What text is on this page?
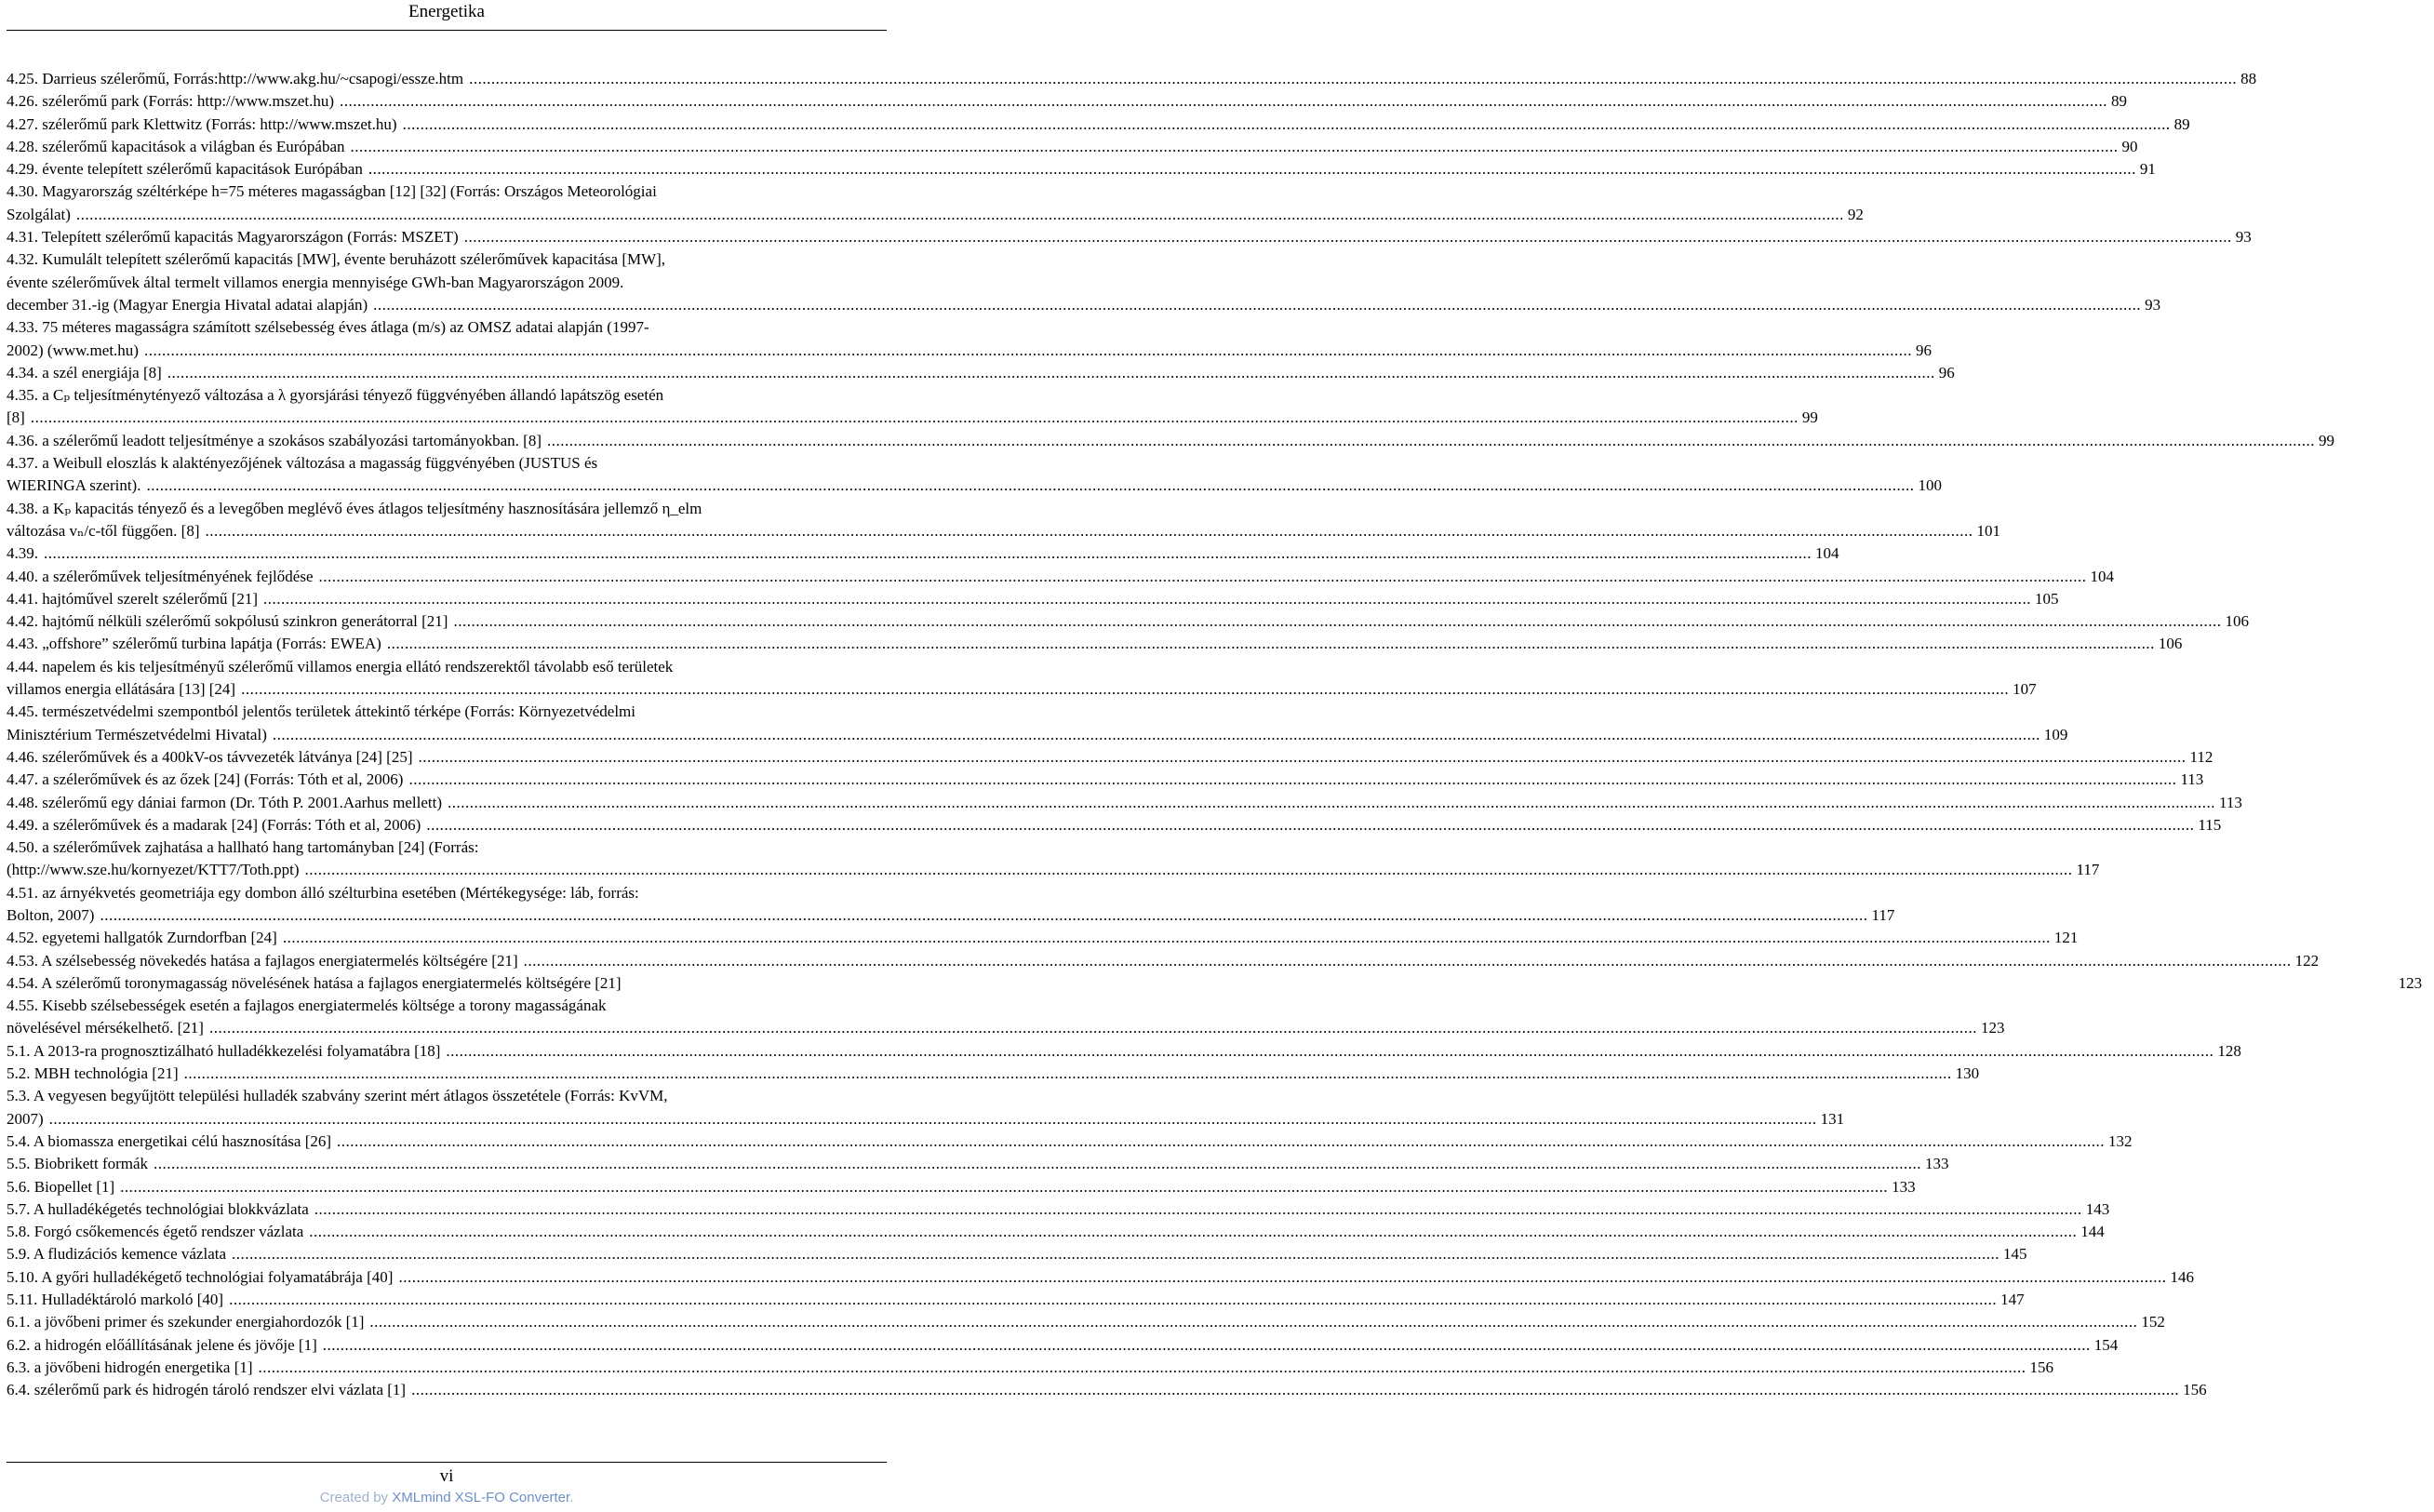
Energetika
4.25. Darrieus szélerőmű, Forrás:http://www.akg.hu/~csapogi/essze.htm ................................................................................................................................................................................................................................................................................................................................................................................................................ 88
4.26. szélerőmű park (Forrás: http://www.mszet.hu) ................................................................................................................................................................................................................................................................................................................................................................................................................ 89
4.27. szélerőmű park Klettwitz (Forrás: http://www.mszet.hu) ................................................................................................................................................................................................................................................................................................................................................................................................................ 89
4.28. szélerőmű kapacitások a világban és Európában ................................................................................................................................................................................................................................................................................................................................................................................................................ 90
4.29. évente telepített szélerőmű kapacitások Európában ................................................................................................................................................................................................................................................................................................................................................................................................................ 91
4.30. Magyarország széltérképe h=75 méteres magasságban [12] [32] (Forrás: Országos Meteorológiai
Szolgálat) ................................................................................................................................................................................................................................................................................................................................................................................................................ 92
4.31. Telepített szélerőmű kapacitás Magyarországon (Forrás: MSZET) ................................................................................................................................................................................................................................................................................................................................................................................................................ 93
4.32. Kumulált telepített szélerőmű kapacitás [MW], évente beruházott szélerőművek kapacitása [MW],
évente szélerőművek által termelt villamos energia mennyisége GWh-ban Magyarországon 2009.
december 31.-ig (Magyar Energia Hivatal adatai alapján) ................................................................................................................................................................................................................................................................................................................................................................................................................ 93
4.33. 75 méteres magasságra számított szélsebesség éves átlaga (m/s) az OMSZ adatai alapján (1997-
2002) (www.met.hu) ................................................................................................................................................................................................................................................................................................................................................................................................................ 96
4.34. a szél energiája [8] ................................................................................................................................................................................................................................................................................................................................................................................................................ 96
4.35. a Cₚ teljesítménytényező változása a λ gyorsjárási tényező függvényében állandó lapátszög esetén
[8] ................................................................................................................................................................................................................................................................................................................................................................................................................ 99
4.36. a szélerőmű leadott teljesítménye a szokásos szabályozási tartományokban. [8] ................................................................................................................................................................................................................................................................................................................................................................................................................ 99
4.37. a Weibull eloszlás k alaktényezőjének változása a magasság függvényében (JUSTUS és
WIERINGA szerint). ................................................................................................................................................................................................................................................................................................................................................................................................................ 100
4.38. a Kₚ kapacitás tényező és a levegőben meglévő éves átlagos teljesítmény hasznosítására jellemző η_elm
változása vₙ/c-től függően. [8] ................................................................................................................................................................................................................................................................................................................................................................................................................ 101
4.39. ................................................................................................................................................................................................................................................................................................................................................................................................................ 104
4.40. a szélerőművek teljesítményének fejlődése ................................................................................................................................................................................................................................................................................................................................................................................................................ 104
4.41. hajtóművel szerelt szélerőmű [21] ................................................................................................................................................................................................................................................................................................................................................................................................................ 105
4.42. hajtómű nélküli szélerőmű sokpólusú szinkron generátorral [21] ................................................................................................................................................................................................................................................................................................................................................................................................................ 106
4.43. „offshore” szélerőmű turbina lapátja (Forrás: EWEA) ................................................................................................................................................................................................................................................................................................................................................................................................................ 106
4.44. napelem és kis teljesítményű szélerőmű villamos energia ellátó rendszerektől távolabb eső területek
villamos energia ellátására [13] [24] ................................................................................................................................................................................................................................................................................................................................................................................................................ 107
4.45. természetvédelmi szempontból jelentős területek áttekintő térképe (Forrás: Környezetvédelmi
Minisztérium Természetvédelmi Hivatal) ................................................................................................................................................................................................................................................................................................................................................................................................................ 109
4.46. szélerőművek és a 400kV-os távvezeték látványa [24] [25] ................................................................................................................................................................................................................................................................................................................................................................................................................ 112
4.47. a szélerőművek és az őzek [24] (Forrás: Tóth et al, 2006) ................................................................................................................................................................................................................................................................................................................................................................................................................ 113
4.48. szélerőmű egy dániai farmon (Dr. Tóth P. 2001.Aarhus mellett) ................................................................................................................................................................................................................................................................................................................................................................................................................ 113
4.49. a szélerőművek és a madarak [24] (Forrás: Tóth et al, 2006) ................................................................................................................................................................................................................................................................................................................................................................................................................ 115
4.50. a szélerőművek zajhatása a hallható hang tartományban [24] (Forrás:
(http://www.sze.hu/kornyezet/KTT7/Toth.ppt) ................................................................................................................................................................................................................................................................................................................................................................................................................ 117
4.51. az árnyékvetés geometriája egy dombon álló szélturbina esetében (Mértékegysége: láb, forrás:
Bolton, 2007) ................................................................................................................................................................................................................................................................................................................................................................................................................ 117
4.52. egyetemi hallgatók Zurndorfban [24] ................................................................................................................................................................................................................................................................................................................................................................................................................ 121
4.53. A szélsebesség növekedés hatása a fajlagos energiatermelés költségére [21] ................................................................................................................................................................................................................................................................................................................................................................................................................ 122
4.54. A szélerőmű toronymagasság növelésének hatása a fajlagos energiatermelés költségére [21]	123
4.55. Kisebb szélsebességek esetén a fajlagos energiatermelés költsége a torony magasságának
növelésével mérsékelhető. [21] ................................................................................................................................................................................................................................................................................................................................................................................................................ 123
5.1. A 2013-ra prognosztizálható hulladékkezelési folyamatábra [18] ................................................................................................................................................................................................................................................................................................................................................................................................................ 128
5.2. MBH technológia [21] ................................................................................................................................................................................................................................................................................................................................................................................................................ 130
5.3. A vegyesen begyűjtött települési hulladék szabvány szerint mért átlagos összetétele (Forrás: KvVM,
2007) ................................................................................................................................................................................................................................................................................................................................................................................................................ 131
5.4. A biomassza energetikai célú hasznosítása [26] ................................................................................................................................................................................................................................................................................................................................................................................................................ 132
5.5. Biobrikett formák ................................................................................................................................................................................................................................................................................................................................................................................................................ 133
5.6. Biopellet [1] ................................................................................................................................................................................................................................................................................................................................................................................................................ 133
5.7. A hulladékégetés technológiai blokkvázlata ................................................................................................................................................................................................................................................................................................................................................................................................................ 143
5.8. Forgó csőkemencés égető rendszer vázlata ................................................................................................................................................................................................................................................................................................................................................................................................................ 144
5.9. A fludizációs kemence vázlata ................................................................................................................................................................................................................................................................................................................................................................................................................ 145
5.10. A győri hulladékégető technológiai folyamatábrája [40] ................................................................................................................................................................................................................................................................................................................................................................................................................ 146
5.11. Hulladéktároló markoló [40] ................................................................................................................................................................................................................................................................................................................................................................................................................ 147
6.1. a jövőbeni primer és szekunder energiahordozók [1] ................................................................................................................................................................................................................................................................................................................................................................................................................ 152
6.2. a hidrogén előállításának jelene és jövője [1] ................................................................................................................................................................................................................................................................................................................................................................................................................ 154
6.3. a jövőbeni hidrogén energetika [1] ................................................................................................................................................................................................................................................................................................................................................................................................................ 156
6.4. szélerőmű park és hidrogén tároló rendszer elvi vázlata [1] ................................................................................................................................................................................................................................................................................................................................................................................................................ 156
vi
Created by XMLmind XSL-FO Converter.
